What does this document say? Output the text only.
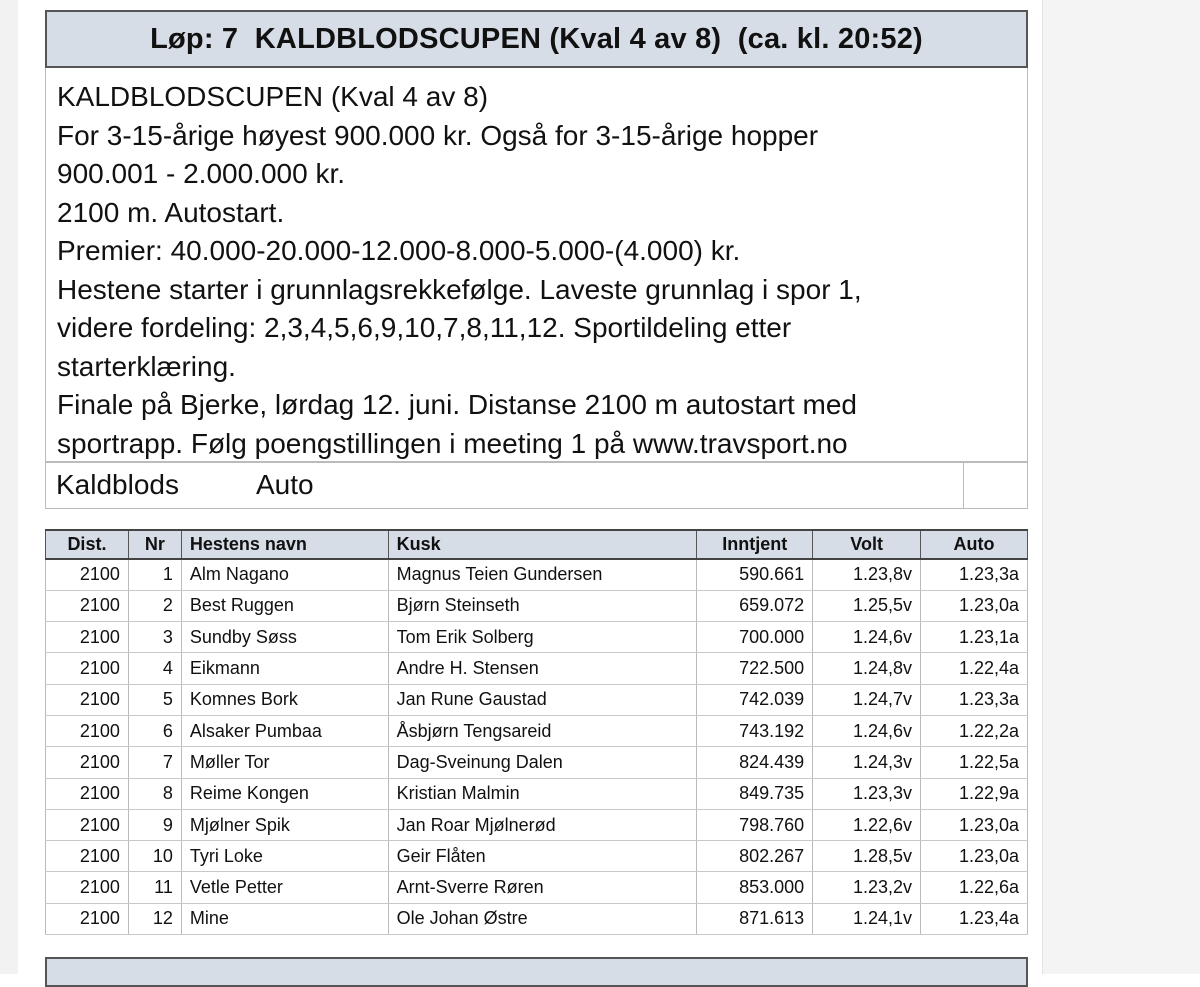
Løp: 7  KALDBLODSCUPEN (Kval 4 av 8)  (ca. kl. 20:52)
KALDBLODSCUPEN (Kval 4 av 8)
For 3-15-årige høyest 900.000 kr. Også for 3-15-årige hopper
900.001 - 2.000.000 kr.
2100 m. Autostart.
Premier: 40.000-20.000-12.000-8.000-5.000-(4.000) kr.
Hestene starter i grunnlagsrekkefølge. Laveste grunnlag i spor 1,
videre fordeling: 2,3,4,5,6,9,10,7,8,11,12. Sportildeling etter
starterklæring.
Finale på Bjerke, lørdag 12. juni. Distanse 2100 m autostart med
sportrapp. Følg poengstillingen i meeting 1 på www.travsport.no
Kaldblods	Auto
Dist.	Nr	Hestens navn	Kusk	Inntjent	Volt	Auto
2100	1	Alm Nagano	Magnus Teien Gundersen	590.661	1.23,8v	1.23,3a
2100	2	Best Ruggen	Bjørn Steinseth	659.072	1.25,5v	1.23,0a
2100	3	Sundby Søss	Tom Erik Solberg	700.000	1.24,6v	1.23,1a
2100	4	Eikmann	Andre H. Stensen	722.500	1.24,8v	1.22,4a
2100	5	Komnes Bork	Jan Rune Gaustad	742.039	1.24,7v	1.23,3a
2100	6	Alsaker Pumbaa	Åsbjørn Tengsareid	743.192	1.24,6v	1.22,2a
2100	7	Møller Tor	Dag-Sveinung Dalen	824.439	1.24,3v	1.22,5a
2100	8	Reime Kongen	Kristian Malmin	849.735	1.23,3v	1.22,9a
2100	9	Mjølner Spik	Jan Roar Mjølnerød	798.760	1.22,6v	1.23,0a
2100	10	Tyri Loke	Geir Flåten	802.267	1.28,5v	1.23,0a
2100	11	Vetle Petter	Arnt-Sverre Røren	853.000	1.23,2v	1.22,6a
2100	12	Mine	Ole Johan Østre	871.613	1.24,1v	1.23,4a
